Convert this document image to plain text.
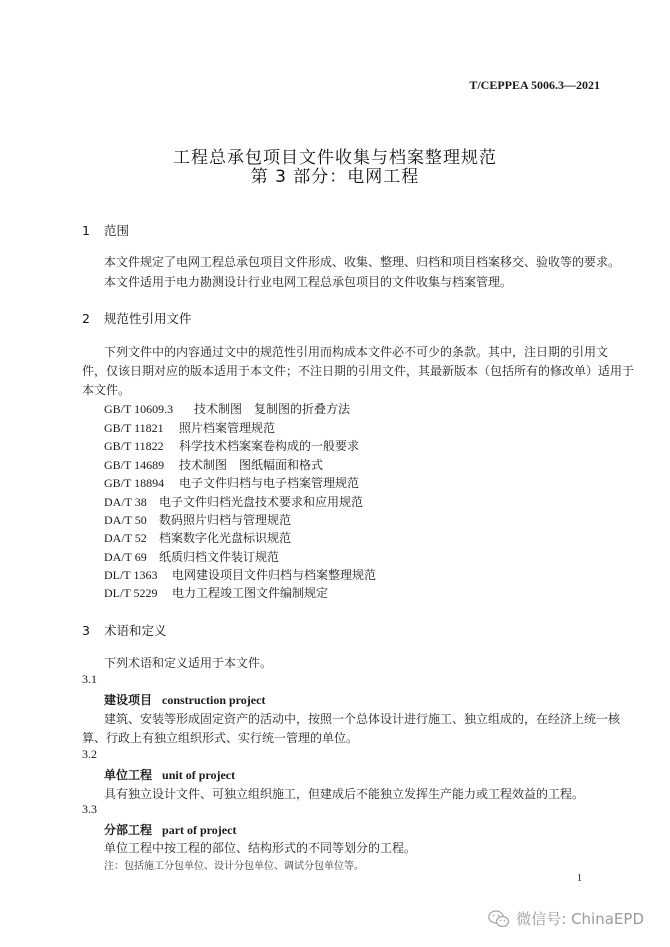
T/CEPPEA 5006.3—2021
工程总承包项目文件收集与档案整理规范
第 3 部分：电网工程
1 范围
本文件规定了电网工程总承包项目文件形成、收集、整理、归档和项目档案移交、验收等的要求。
本文件适用于电力勘测设计行业电网工程总承包项目的文件收集与档案管理。
2 规范性引用文件
下列文件中的内容通过文中的规范性引用而构成本文件必不可少的条款。其中，注日期的引用文
件，仅该日期对应的版本适用于本文件；不注日期的引用文件，其最新版本（包括所有的修改单）适用于
本文件。
GB/T 10609.3 技术制图　复制图的折叠方法
GB/T 11821 照片档案管理规范
GB/T 11822 科学技术档案案卷构成的一般要求
GB/T 14689 技术制图　图纸幅面和格式
GB/T 18894 电子文件归档与电子档案管理规范
DA/T 38 电子文件归档光盘技术要求和应用规范
DA/T 50 数码照片归档与管理规范
DA/T 52 档案数字化光盘标识规范
DA/T 69 纸质归档文件装订规范
DL/T 1363 电网建设项目文件归档与档案整理规范
DL/T 5229 电力工程竣工图文件编制规定
3 术语和定义
下列术语和定义适用于本文件。
3.1
建设项目 construction project
建筑、安装等形成固定资产的活动中，按照一个总体设计进行施工、独立组成的，在经济上统一核
算、行政上有独立组织形式、实行统一管理的单位。
3.2
单位工程 unit of project
具有独立设计文件、可独立组织施工，但建成后不能独立发挥生产能力或工程效益的工程。
3.3
分部工程 part of project
单位工程中按工程的部位、结构形式的不同等划分的工程。
注：包括施工分包单位、设计分包单位、调试分包单位等。
1
微信号: ChinaEPD
